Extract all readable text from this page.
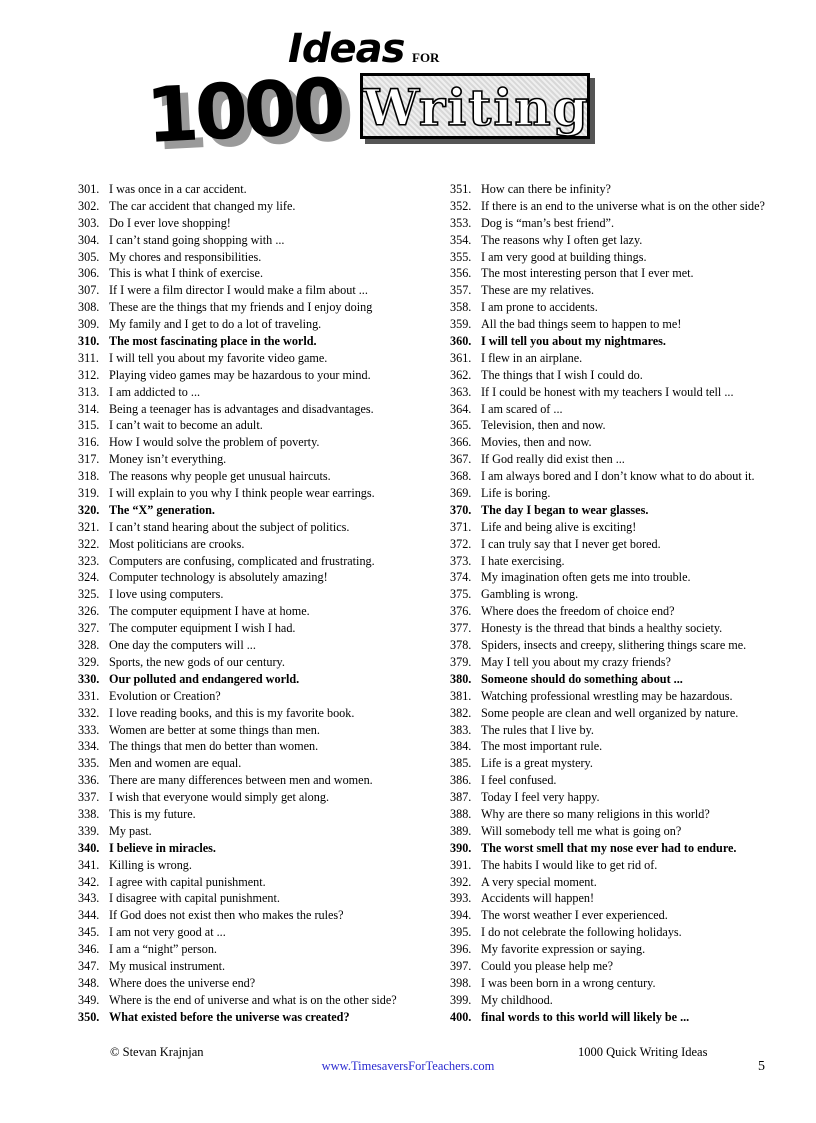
Ideas FOR
1000 Writing
301. I was once in a car accident.
302. The car accident that changed my life.
303. Do I ever love shopping!
304. I can’t stand going shopping with ...
305. My chores and responsibilities.
306. This is what I think of exercise.
307. If I were a film director I would make a film about ...
308. These are the things that my friends and I enjoy doing
309. My family and I get to do a lot of traveling.
310. The most fascinating place in the world.
311. I will tell you about my favorite video game.
312. Playing video games may be hazardous to your mind.
313. I am addicted to ...
314. Being a teenager has is advantages and disadvantages.
315. I can’t wait to become an adult.
316. How I would solve the problem of poverty.
317. Money isn’t everything.
318. The reasons why people get unusual haircuts.
319. I will explain to you why I think people wear earrings.
320. The “X” generation.
321. I can’t stand hearing about the subject of politics.
322. Most politicians are crooks.
323. Computers are confusing, complicated and frustrating.
324. Computer technology is absolutely amazing!
325. I love using computers.
326. The computer equipment I have at home.
327. The computer equipment I wish I had.
328. One day the computers will ...
329. Sports, the new gods of our century.
330. Our polluted and endangered world.
331. Evolution or Creation?
332. I love reading books, and this is my favorite book.
333. Women are better at some things than men.
334. The things that men do better than women.
335. Men and women are equal.
336. There are many differences between men and women.
337. I wish that everyone would simply get along.
338. This is my future.
339. My past.
340. I believe in miracles.
341. Killing is wrong.
342. I agree with capital punishment.
343. I disagree with capital punishment.
344. If God does not exist then who makes the rules?
345. I am not very good at ...
346. I am a “night” person.
347. My musical instrument.
348. Where does the universe end?
349. Where is the end of universe and what is on the other side?
350. What existed before the universe was created?
351. How can there be infinity?
352. If there is an end to the universe what is on the other side?
353. Dog is “man’s best friend”.
354. The reasons why I often get lazy.
355. I am very good at building things.
356. The most interesting person that I ever met.
357. These are my relatives.
358. I am prone to accidents.
359. All the bad things seem to happen to me!
360. I will tell you about my nightmares.
361. I flew in an airplane.
362. The things that I wish I could do.
363. If I could be honest with my teachers I would tell ...
364. I am scared of ...
365. Television, then and now.
366. Movies, then and now.
367. If God really did exist then ...
368. I am always bored and I don’t know what to do about it.
369. Life is boring.
370. The day I began to wear glasses.
371. Life and being alive is exciting!
372. I can truly say that I never get bored.
373. I hate exercising.
374. My imagination often gets me into trouble.
375. Gambling is wrong.
376. Where does the freedom of choice end?
377. Honesty is the thread that binds a healthy society.
378. Spiders, insects and creepy, slithering things scare me.
379. May I tell you about my crazy friends?
380. Someone should do something about ...
381. Watching professional wrestling may be hazardous.
382. Some people are clean and well organized by nature.
383. The rules that I live by.
384. The most important rule.
385. Life is a great mystery.
386. I feel confused.
387. Today I feel very happy.
388. Why are there so many religions in this world?
389. Will somebody tell me what is going on?
390. The worst smell that my nose ever had to endure.
391. The habits I would like to get rid of.
392. A very special moment.
393. Accidents will happen!
394. The worst weather I ever experienced.
395. I do not celebrate the following holidays.
396. My favorite expression or saying.
397. Could you please help me?
398. I was been born in a wrong century.
399. My childhood.
400.final words to this world will likely be ...
© Stevan Krajnjan	1000 Quick Writing Ideas
www.TimesaversForTeachers.com	5
